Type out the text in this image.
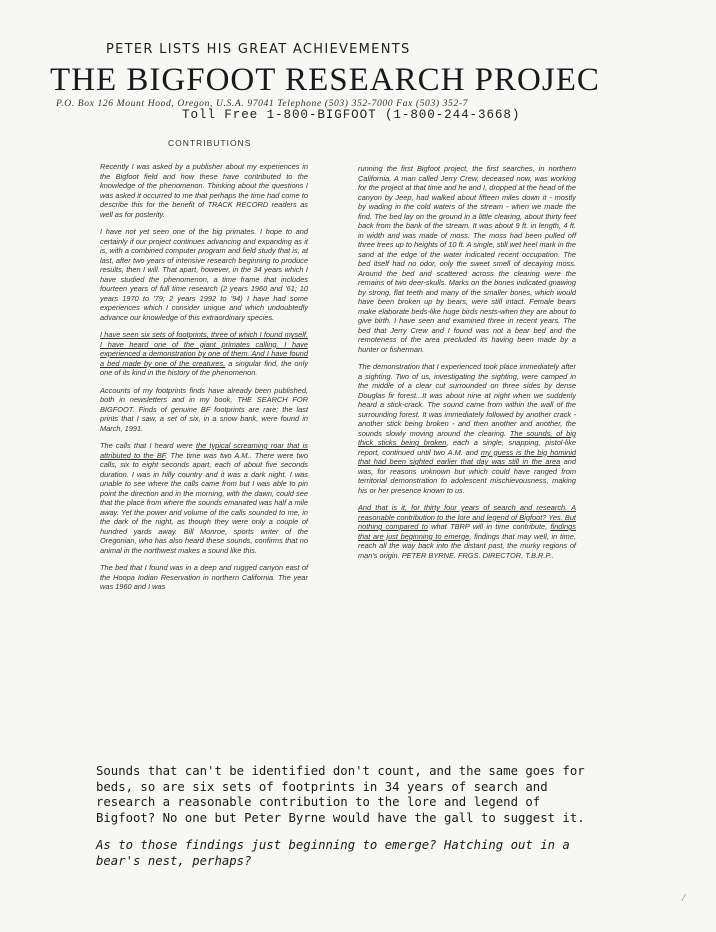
PETER LISTS HIS GREAT ACHIEVEMENTS
THE BIGFOOT RESEARCH PROJEC
P.O. Box 126 Mount Hood, Oregon, U.S.A. 97041 Telephone (503) 352-7000 Fax (503) 352-7
Toll Free 1-800-BIGFOOT (1-800-244-3668)
CONTRIBUTIONS

Recently I was asked by a publisher about my experiences in the Bigfoot field and how these have contributed to the knowledge of the phenomenon. Thinking about the questions I was asked it occurred to me that perhaps the time had come to describe this for the benefit of TRACK RECORD readers as well as for posterity.

I have not yet seen one of the big primates. I hope to and certainly if our project continues advancing and expanding as it is, with a combined computer program and field study that is, at last, after two years of intensive research beginning to produce results, then I will. That apart, however, in the 34 years which I have studied the phenomenon, a time frame that includes fourteen years of full time research (2 years 1960 and '61; 10 years 1970 to '79; 2 years 1992 to '94) I have had some experiences which I consider unique and which undoubtedly advance our knowledge of this extraordinary species.

I have seen six sets of footprints, three of which I found myself. I have heard one of the giant primates calling. I have experienced a demonstration by one of them. And I have found a bed made by one of the creatures, a singular find, the only one of its kind in the history of the phenomenon.

Accounts of my footprints finds have already been published, both in newsletters and in my book, THE SEARCH FOR BIGFOOT. Finds of genuine BF footprints are rare; the last prints that I saw, a set of six, in a snow bank, were found in March, 1991.

The calls that I heard were the typical screaming roar that is attributed to the BF. The time was two A.M.. There were two calls, six to eight seconds apart, each of about five seconds duration. I was in hilly country and it was a dark night. I was unable to see where the calls came from but I was able to pin point the direction and in the morning, with the dawn, could see that the place from where the sounds emanated was half a mile away. Yet the power and volume of the calls sounded to me, in the dark of the night, as though they were only a couple of hundred yards away. Bill Monroe, sports writer of the Oregonian, who has also heard these sounds, confirms that no animal in the northwest makes a sound like this.

The bed that I found was in a deep and rugged canyon east of the Hoopa Indian Reservation in northern California. The year was 1960 and I was

running the first Bigfoot project, the first searches, in northern California. A man called Jerry Crew, deceased now, was working for the project at that time and he and I, dropped at the head of the canyon by Jeep, had walked about fifteen miles down it - mostly by wading in the cold waters of the stream - when we made the find. The bed lay on the ground in a little clearing, about thirty feet back from the bank of the stream. It was about 9 ft. in length, 4 ft. in width and was made of moss. The moss had been pulled off three trees up to heights of 10 ft. A single, still wet heel mark in the sand at the edge of the water indicated recent occupation. The bed itself had no odor, only the sweet smell of decaying moss. Around the bed and scattered across the clearing were the remains of two deer-skulls. Marks on the bones indicated gnawing by strong, flat teeth and many of the smaller bones, which would have been broken up by bears, were still intact. Female bears make elaborate beds-like huge birds nests-when they are about to give birth. I have seen and examined three in recent years. The bed that Jerry Crew and I found was not a bear bed and the remoteness of the area precluded its having been made by a hunter or fisherman.

The demonstration that I experienced took place immediately after a sighting. Two of us, investigating the sighting, were camped in the middle of a clear cut surrounded on three sides by dense Douglas fir forest...It was about nine at night when we suddenly heard a stick-crack. The sound came from within the wall of the surrounding forest. It was immediately followed by another crack - another stick being broken - and then another and another, the sounds slowly moving around the clearing. The sounds, of big thick sticks being broken, each a single, snapping, pistol-like report, continued until two A.M. and my guess is the big hominid that had been sighted earlier that day was still in the area and was, for reasons unknown but which could have ranged from territorial demonstration to adolescent mischievousness, making his or her presence known to us.

And that is it, for thirty four years of search and research. A reasonable contribution to the lore and legend of Bigfoot? Yes. But nothing compared to what TBRP will in time contribute, findings that are just beginning to emerge, findings that may well, in time, reach all the way back into the distant past, the murky regions of man's origin. PETER BYRNE. FRGS. DIRECTOR, T.B.R.P..

Sounds that can't be identified don't count, and the same goes for beds, so are six sets of footprints in 34 years of search and research a reasonable contribution to the lore and legend of Bigfoot? No one but Peter Byrne would have the gall to suggest it.

As to those findings just beginning to emerge? Hatching out in a bear's nest, perhaps?

/
